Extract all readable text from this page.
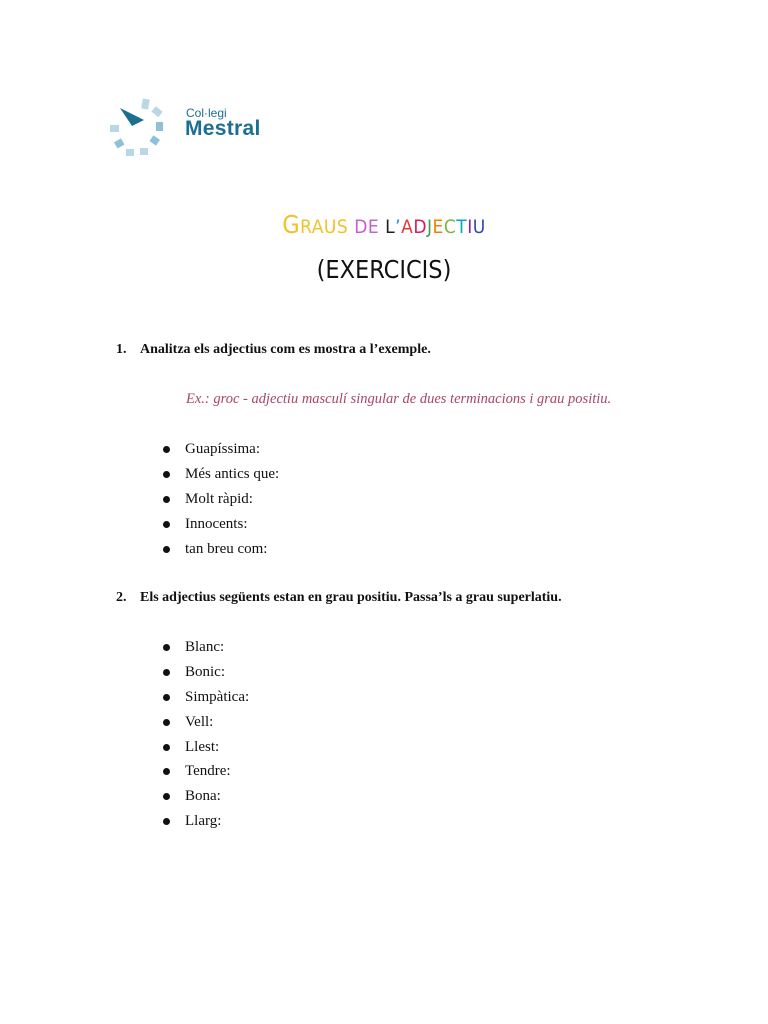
Col·legi
Mestral
GRAUS DE L’ADJECTIU
(EXERCICIS)
1. Analitza els adjectius com es mostra a l’exemple.
Ex.: groc - adjectiu masculí singular de dues terminacions i grau positiu.
Guapíssima:
Més antics que:
Molt ràpid:
Innocents:
tan breu com:
2. Els adjectius següents estan en grau positiu. Passa’ls a grau superlatiu.
Blanc:
Bonic:
Simpàtica:
Vell:
Llest:
Tendre:
Bona:
Llarg:
